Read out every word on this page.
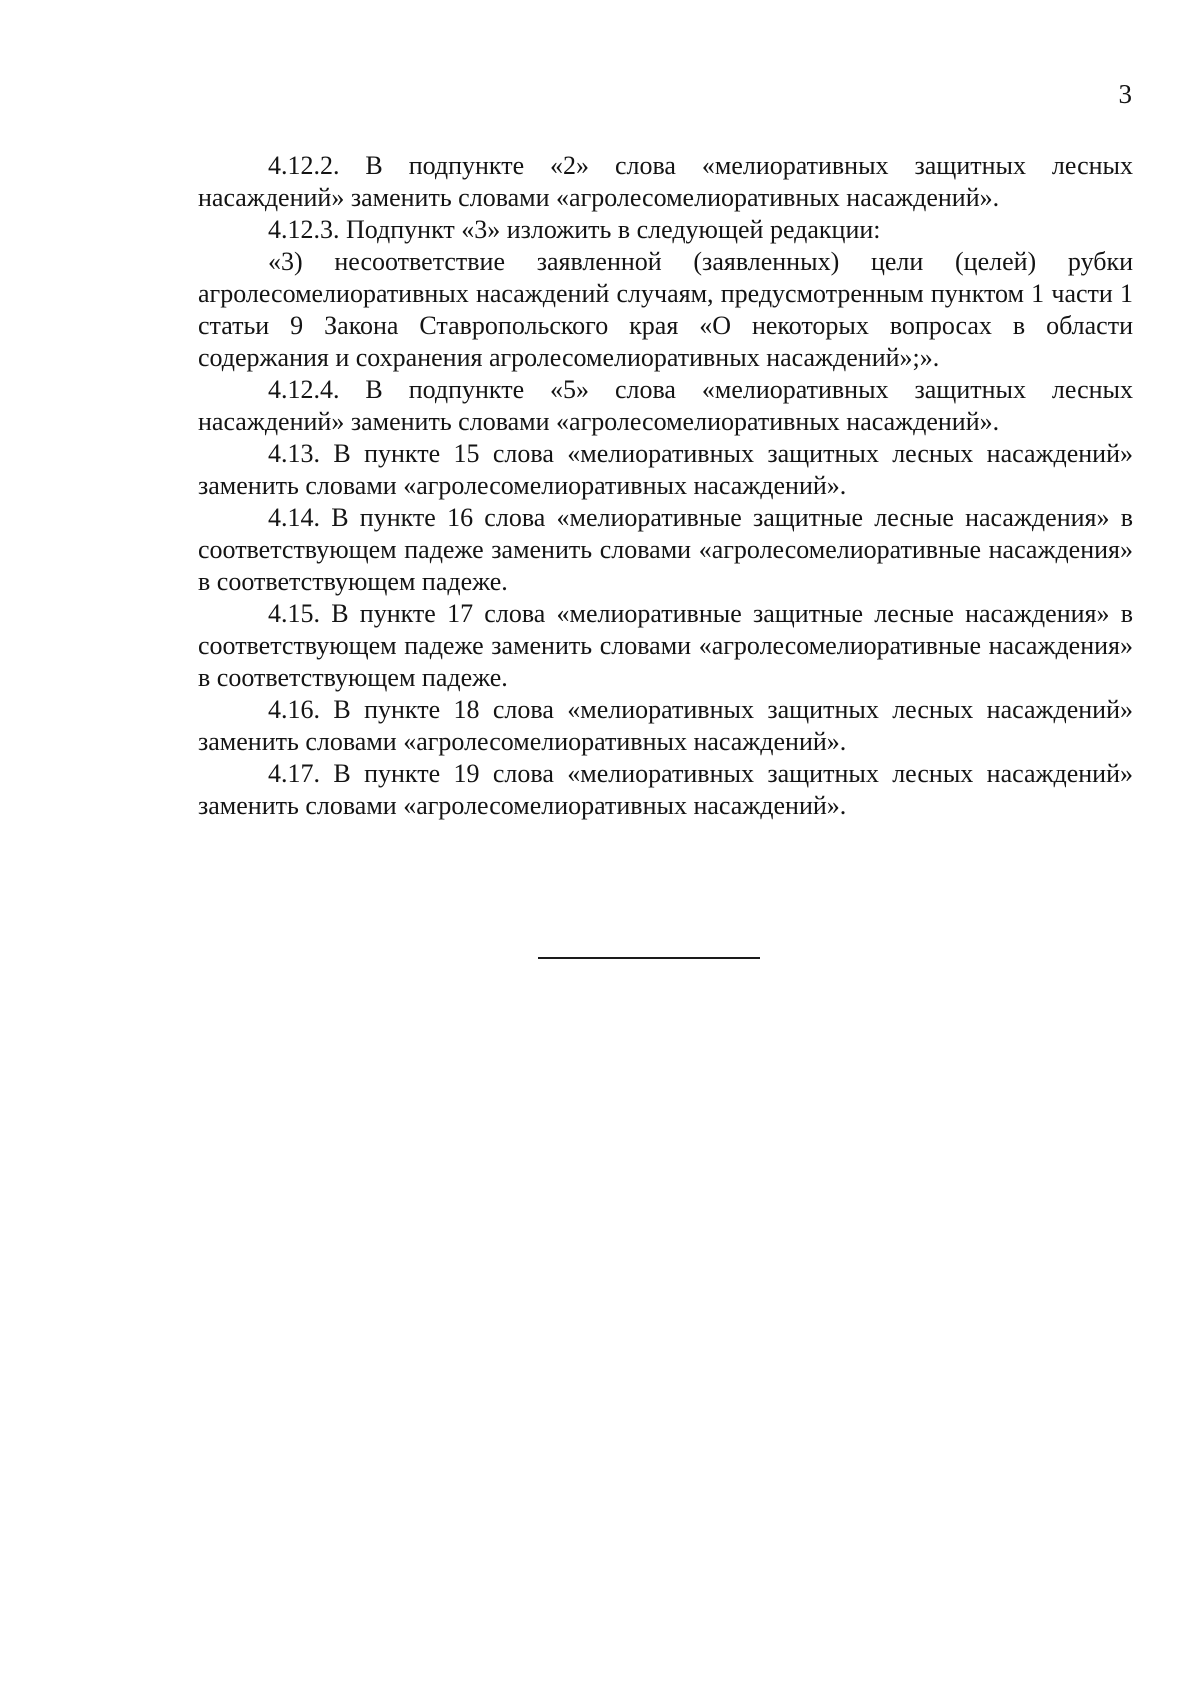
3

4.12.2. В подпункте «2» слова «мелиоративных защитных лесных насаждений» заменить словами «агролесомелиоративных насаждений».

4.12.3. Подпункт «3» изложить в следующей редакции:

«3) несоответствие заявленной (заявленных) цели (целей) рубки агролесомелиоративных насаждений случаям, предусмотренным пунктом 1 части 1 статьи 9 Закона Ставропольского края «О некоторых вопросах в области содержания и сохранения агролесомелиоративных насаждений»;».

4.12.4. В подпункте «5» слова «мелиоративных защитных лесных насаждений» заменить словами «агролесомелиоративных насаждений».

4.13. В пункте 15 слова «мелиоративных защитных лесных насаждений» заменить словами «агролесомелиоративных насаждений».

4.14. В пункте 16 слова «мелиоративные защитные лесные насаждения» в соответствующем падеже заменить словами «агролесомелиоративные насаждения» в соответствующем падеже.

4.15. В пункте 17 слова «мелиоративные защитные лесные насаждения» в соответствующем падеже заменить словами «агролесомелиоративные насаждения» в соответствующем падеже.

4.16. В пункте 18 слова «мелиоративных защитных лесных насаждений» заменить словами «агролесомелиоративных насаждений».

4.17. В пункте 19 слова «мелиоративных защитных лесных насаждений» заменить словами «агролесомелиоративных насаждений».
